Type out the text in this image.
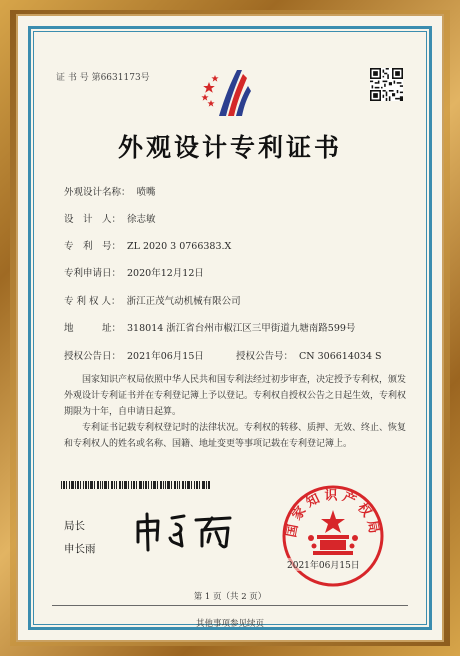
证 书 号 第6631173号
外观设计专利证书
外观设计名称： 喷嘴
设　计　人： 徐志敏
专　利　号： ZL 2020 3 0766383.X
专利申请日： 2020年12月12日
专 利 权 人： 浙江正茂气动机械有限公司
地　　　址： 318014 浙江省台州市椒江区三甲街道九塘南路599号
授权公告日： 2021年06月15日	授权公告号： CN 306614034 S
国家知识产权局依照中华人民共和国专利法经过初步审查，决定授予专利权，颁发外观设计专利证书并在专利登记簿上予以登记。专利权自授权公告之日起生效，专利权期限为十年，自申请日起算。
专利证书记载专利权登记时的法律状况。专利权的转移、质押、无效、终止、恢复和专利权人的姓名或名称、国籍、地址变更等事项记载在专利登记簿上。
局长
申长雨
国家知识产权局
2021年06月15日
第 1 页（共 2 页）
其他事项参见续页
